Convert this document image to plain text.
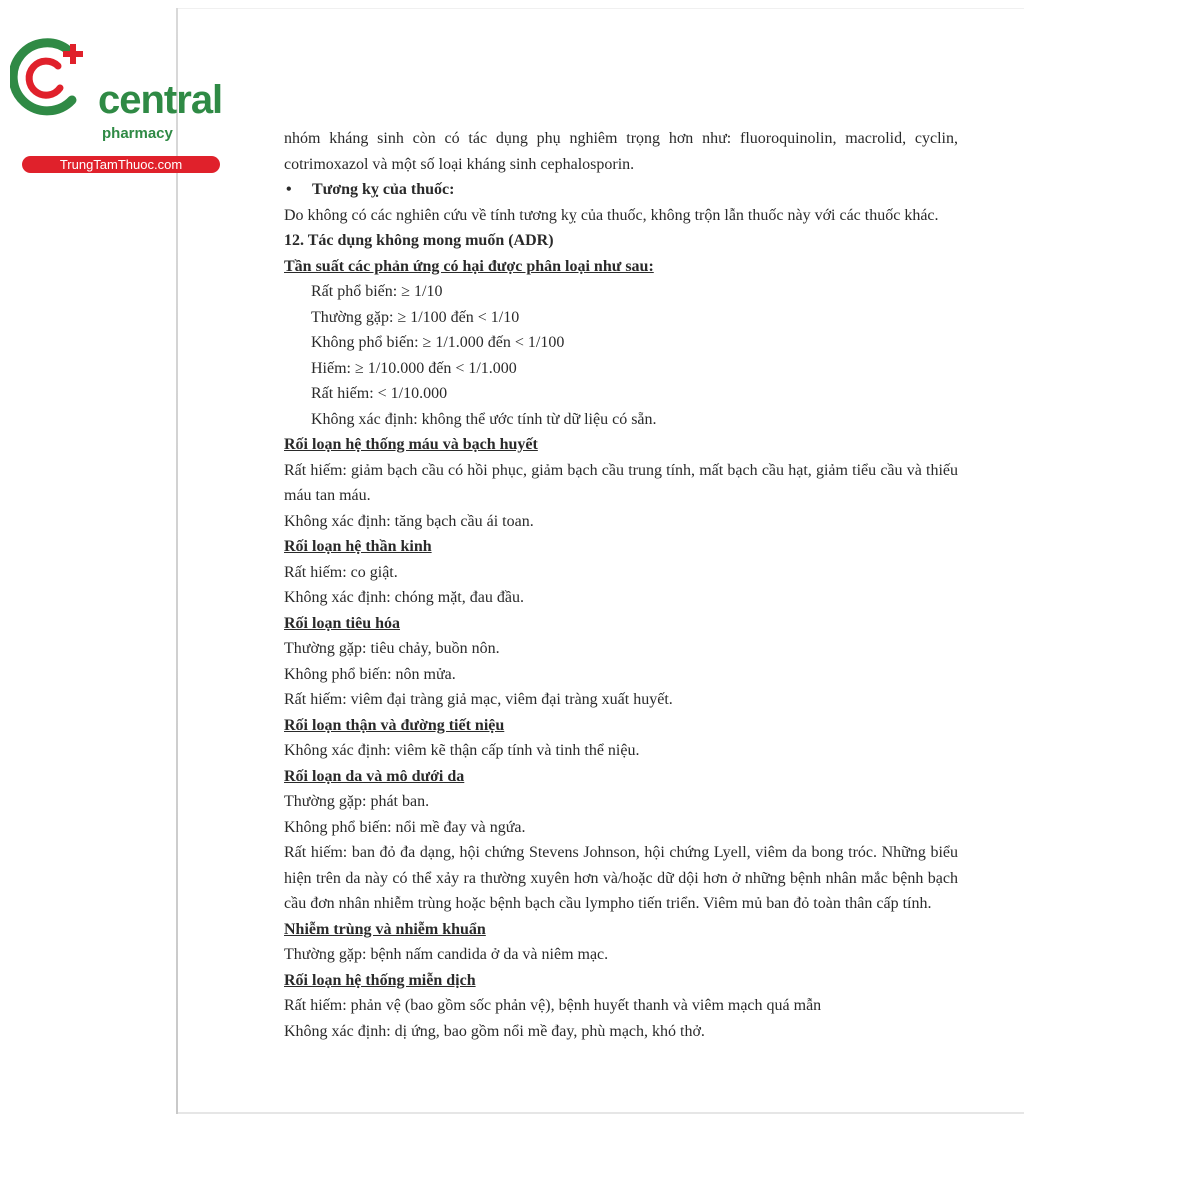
central
pharmacy
TrungTamThuoc.com

nhóm kháng sinh còn có tác dụng phụ nghiêm trọng hơn như: fluoroquinolin, macrolid, cyclin, cotrimoxazol và một số loại kháng sinh cephalosporin.

• Tương kỵ của thuốc:

Do không có các nghiên cứu về tính tương kỵ của thuốc, không trộn lẫn thuốc này với các thuốc khác.

12. Tác dụng không mong muốn (ADR)

Tần suất các phản ứng có hại được phân loại như sau:

Rất phổ biến: ≥ 1/10

Thường gặp: ≥ 1/100 đến < 1/10

Không phổ biến: ≥ 1/1.000 đến < 1/100

Hiếm: ≥ 1/10.000 đến < 1/1.000

Rất hiếm: < 1/10.000

Không xác định: không thể ước tính từ dữ liệu có sẵn.

Rối loạn hệ thống máu và bạch huyết

Rất hiếm: giảm bạch cầu có hồi phục, giảm bạch cầu trung tính, mất bạch cầu hạt, giảm tiểu cầu và thiếu máu tan máu.

Không xác định: tăng bạch cầu ái toan.

Rối loạn hệ thần kinh

Rất hiếm: co giật.

Không xác định: chóng mặt, đau đầu.

Rối loạn tiêu hóa

Thường gặp: tiêu chảy, buồn nôn.

Không phổ biến: nôn mửa.

Rất hiếm: viêm đại tràng giả mạc, viêm đại tràng xuất huyết.

Rối loạn thận và đường tiết niệu

Không xác định: viêm kẽ thận cấp tính và tinh thể niệu.

Rối loạn da và mô dưới da

Thường gặp: phát ban.

Không phổ biến: nổi mề đay và ngứa.

Rất hiếm: ban đỏ đa dạng, hội chứng Stevens Johnson, hội chứng Lyell, viêm da bong tróc. Những biểu hiện trên da này có thể xảy ra thường xuyên hơn và/hoặc dữ dội hơn ở những bệnh nhân mắc bệnh bạch cầu đơn nhân nhiễm trùng hoặc bệnh bạch cầu lympho tiến triển. Viêm mủ ban đỏ toàn thân cấp tính.

Nhiễm trùng và nhiễm khuẩn

Thường gặp: bệnh nấm candida ở da và niêm mạc.

Rối loạn hệ thống miễn dịch

Rất hiếm: phản vệ (bao gồm sốc phản vệ), bệnh huyết thanh và viêm mạch quá mẫn

Không xác định: dị ứng, bao gồm nổi mề đay, phù mạch, khó thở.
